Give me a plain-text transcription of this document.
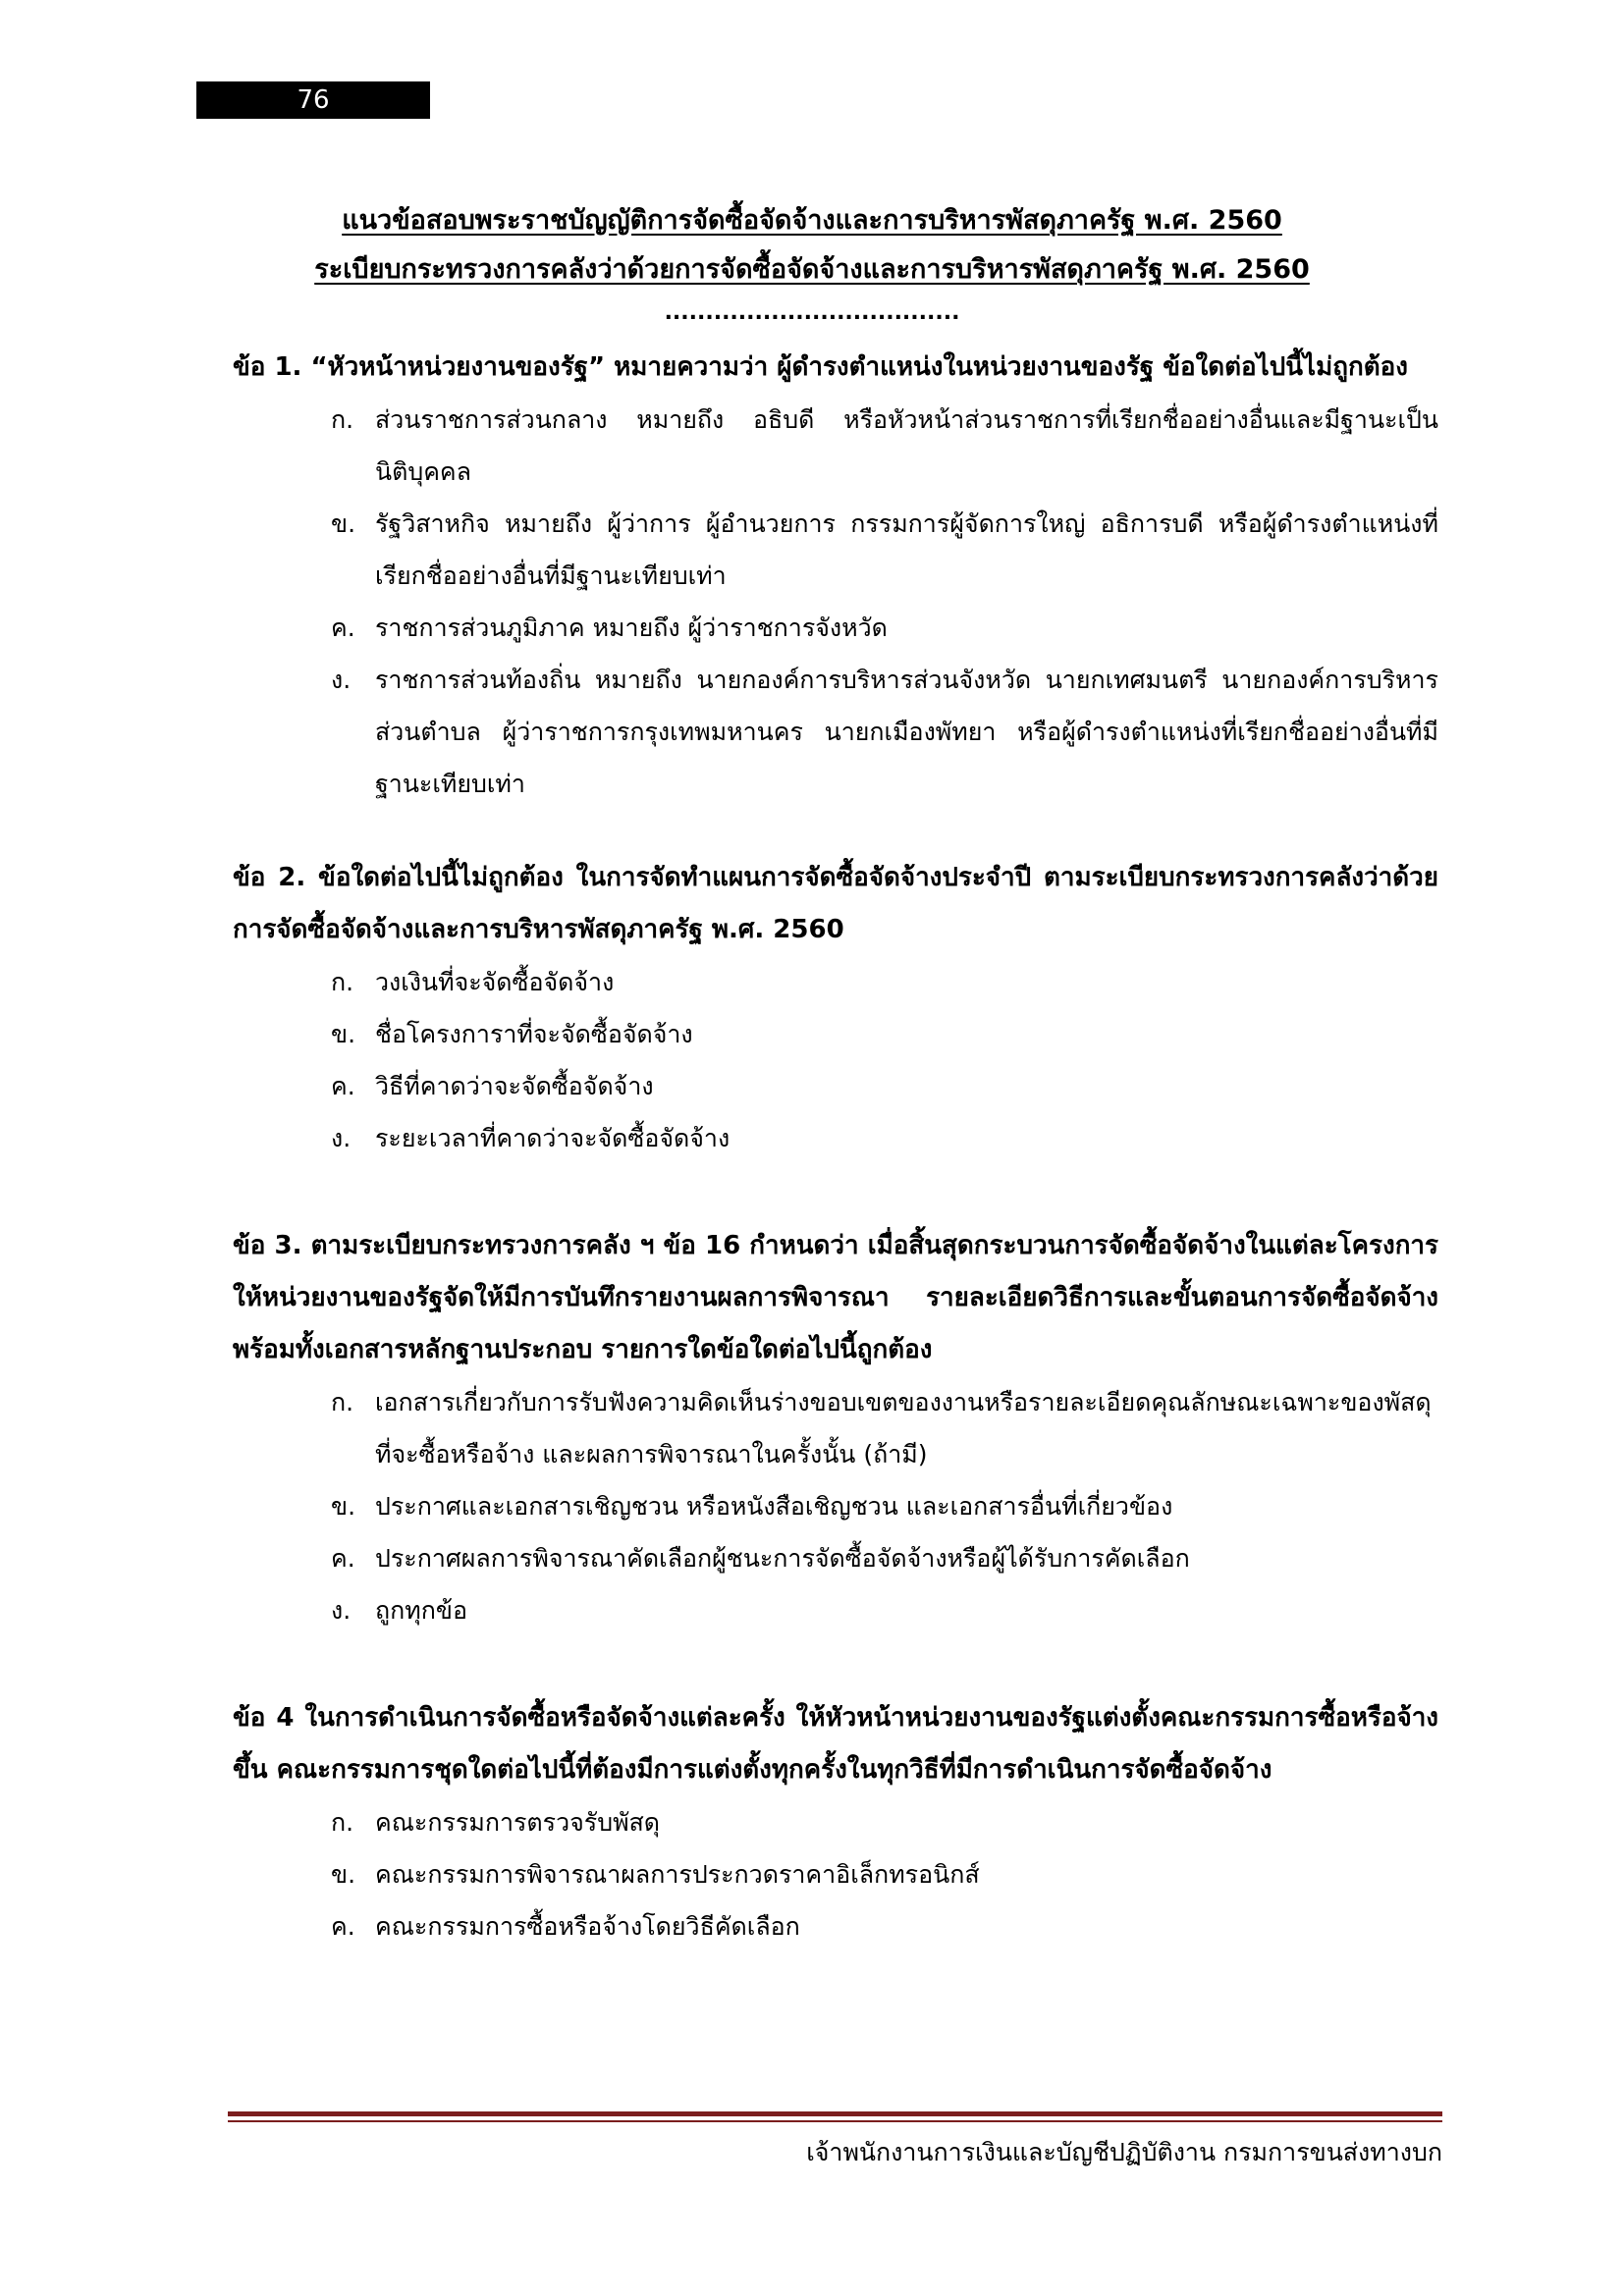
76
แนวข้อสอบพระราชบัญญัติการจัดซื้อจัดจ้างและการบริหารพัสดุภาครัฐ พ.ศ. 2560
ระเบียบกระทรวงการคลังว่าด้วยการจัดซื้อจัดจ้างและการบริหารพัสดุภาครัฐ พ.ศ. 2560
....................................
ข้อ 1. “หัวหน้าหน่วยงานของรัฐ” หมายความว่า ผู้ดำรงตำแหน่งในหน่วยงานของรัฐ ข้อใดต่อไปนี้ไม่ถูกต้อง
ก. ส่วนราชการส่วนกลาง หมายถึง อธิบดี หรือหัวหน้าส่วนราชการที่เรียกชื่ออย่างอื่นและมีฐานะเป็นนิติบุคคล
ข. รัฐวิสาหกิจ หมายถึง ผู้ว่าการ ผู้อำนวยการ กรรมการผู้จัดการใหญ่ อธิการบดี หรือผู้ดำรงตำแหน่งที่เรียกชื่ออย่างอื่นที่มีฐานะเทียบเท่า
ค. ราชการส่วนภูมิภาค หมายถึง ผู้ว่าราชการจังหวัด
ง. ราชการส่วนท้องถิ่น หมายถึง นายกองค์การบริหารส่วนจังหวัด นายกเทศมนตรี นายกองค์การบริหารส่วนตำบล ผู้ว่าราชการกรุงเทพมหานคร นายกเมืองพัทยา หรือผู้ดำรงตำแหน่งที่เรียกชื่ออย่างอื่นที่มีฐานะเทียบเท่า
ข้อ 2. ข้อใดต่อไปนี้ไม่ถูกต้อง ในการจัดทำแผนการจัดซื้อจัดจ้างประจำปี ตามระเบียบกระทรวงการคลังว่าด้วยการจัดซื้อจัดจ้างและการบริหารพัสดุภาครัฐ พ.ศ. 2560
ก. วงเงินที่จะจัดซื้อจัดจ้าง
ข. ชื่อโครงการาที่จะจัดซื้อจัดจ้าง
ค. วิธีที่คาดว่าจะจัดซื้อจัดจ้าง
ง. ระยะเวลาที่คาดว่าจะจัดซื้อจัดจ้าง
ข้อ 3. ตามระเบียบกระทรวงการคลัง ฯ ข้อ 16 กำหนดว่า เมื่อสิ้นสุดกระบวนการจัดซื้อจัดจ้างในแต่ละโครงการ ให้หน่วยงานของรัฐจัดให้มีการบันทึกรายงานผลการพิจารณา รายละเอียดวิธีการและขั้นตอนการจัดซื้อจัดจ้างพร้อมทั้งเอกสารหลักฐานประกอบ รายการใดข้อใดต่อไปนี้ถูกต้อง
ก. เอกสารเกี่ยวกับการรับฟังความคิดเห็นร่างขอบเขตของงานหรือรายละเอียดคุณลักษณะเฉพาะของพัสดุที่จะซื้อหรือจ้าง และผลการพิจารณาในครั้งนั้น (ถ้ามี)
ข. ประกาศและเอกสารเชิญชวน หรือหนังสือเชิญชวน และเอกสารอื่นที่เกี่ยวข้อง
ค. ประกาศผลการพิจารณาคัดเลือกผู้ชนะการจัดซื้อจัดจ้างหรือผู้ได้รับการคัดเลือก
ง. ถูกทุกข้อ
ข้อ 4 ในการดำเนินการจัดซื้อหรือจัดจ้างแต่ละครั้ง ให้หัวหน้าหน่วยงานของรัฐแต่งตั้งคณะกรรมการซื้อหรือจ้างขึ้น คณะกรรมการชุดใดต่อไปนี้ที่ต้องมีการแต่งตั้งทุกครั้งในทุกวิธีที่มีการดำเนินการจัดซื้อจัดจ้าง
ก. คณะกรรมการตรวจรับพัสดุ
ข. คณะกรรมการพิจารณาผลการประกวดราคาอิเล็กทรอนิกส์
ค. คณะกรรมการซื้อหรือจ้างโดยวิธีคัดเลือก
เจ้าพนักงานการเงินและบัญชีปฏิบัติงาน กรมการขนส่งทางบก
